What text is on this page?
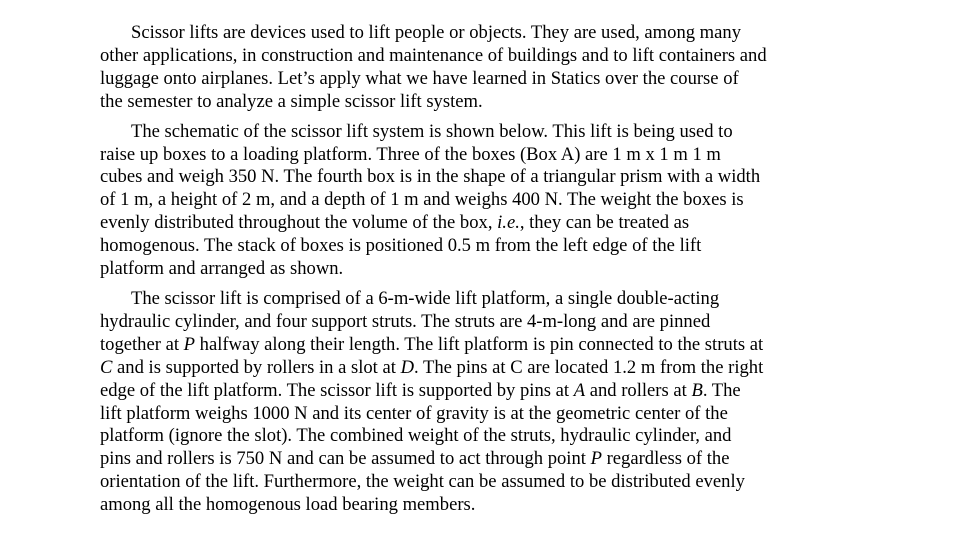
Scissor lifts are devices used to lift people or objects. They are used, among many
other applications, in construction and maintenance of buildings and to lift containers and
luggage onto airplanes. Let’s apply what we have learned in Statics over the course of
the semester to analyze a simple scissor lift system.
The schematic of the scissor lift system is shown below. This lift is being used to
raise up boxes to a loading platform. Three of the boxes (Box A) are 1 m x 1 m 1 m
cubes and weigh 350 N. The fourth box is in the shape of a triangular prism with a width
of 1 m, a height of 2 m, and a depth of 1 m and weighs 400 N. The weight the boxes is
evenly distributed throughout the volume of the box, i.e., they can be treated as
homogenous. The stack of boxes is positioned 0.5 m from the left edge of the lift
platform and arranged as shown.
The scissor lift is comprised of a 6-m-wide lift platform, a single double-acting
hydraulic cylinder, and four support struts. The struts are 4-m-long and are pinned
together at P halfway along their length. The lift platform is pin connected to the struts at
C and is supported by rollers in a slot at D. The pins at C are located 1.2 m from the right
edge of the lift platform. The scissor lift is supported by pins at A and rollers at B. The
lift platform weighs 1000 N and its center of gravity is at the geometric center of the
platform (ignore the slot). The combined weight of the struts, hydraulic cylinder, and
pins and rollers is 750 N and can be assumed to act through point P regardless of the
orientation of the lift. Furthermore, the weight can be assumed to be distributed evenly
among all the homogenous load bearing members.
